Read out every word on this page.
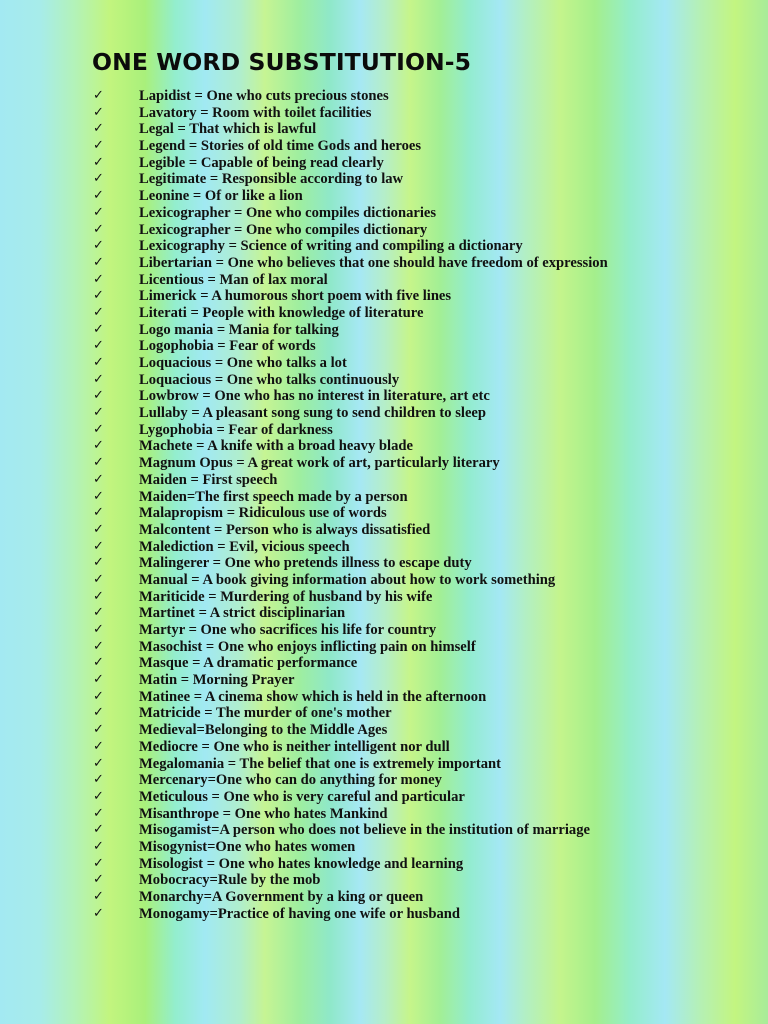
ONE WORD SUBSTITUTION-5
✓	Lapidist = One who cuts precious stones
✓	Lavatory = Room with toilet facilities
✓	Legal = That which is lawful
✓	Legend = Stories of old time Gods and heroes
✓	Legible = Capable of being read clearly
✓	Legitimate = Responsible according to law
✓	Leonine = Of or like a lion
✓	Lexicographer = One who compiles dictionaries
✓	Lexicographer = One who compiles dictionary
✓	Lexicography = Science of writing and compiling a dictionary
✓	Libertarian = One who believes that one should have freedom of expression
✓	Licentious = Man of lax moral
✓	Limerick = A humorous short poem with five lines
✓	Literati = People with knowledge of literature
✓	Logo mania = Mania for talking
✓	Logophobia = Fear of words
✓	Loquacious = One who talks a lot
✓	Loquacious = One who talks continuously
✓	Lowbrow = One who has no interest in literature, art etc
✓	Lullaby = A pleasant song sung to send children to sleep
✓	Lygophobia = Fear of darkness
✓	Machete = A knife with a broad heavy blade
✓	Magnum Opus = A great work of art, particularly literary
✓	Maiden = First speech
✓	Maiden=The first speech made by a person
✓	Malapropism = Ridiculous use of words
✓	Malcontent = Person who is always dissatisfied
✓	Malediction = Evil, vicious speech
✓	Malingerer = One who pretends illness to escape duty
✓	Manual = A book giving information about how to work something
✓	Mariticide = Murdering of husband by his wife
✓	Martinet = A strict disciplinarian
✓	Martyr = One who sacrifices his life for country
✓	Masochist = One who enjoys inflicting pain on himself
✓	Masque = A dramatic performance
✓	Matin = Morning Prayer
✓	Matinee = A cinema show which is held in the afternoon
✓	Matricide = The murder of one's mother
✓	Medieval=Belonging to the Middle Ages
✓	Mediocre = One who is neither intelligent nor dull
✓	Megalomania = The belief that one is extremely important
✓	Mercenary=One who can do anything for money
✓	Meticulous = One who is very careful and particular
✓	Misanthrope = One who hates Mankind
✓	Misogamist=A person who does not believe in the institution of marriage
✓	Misogynist=One who hates women
✓	Misologist = One who hates knowledge and learning
✓	Mobocracy=Rule by the mob
✓	Monarchy=A Government by a king or queen
✓	Monogamy=Practice of having one wife or husband
